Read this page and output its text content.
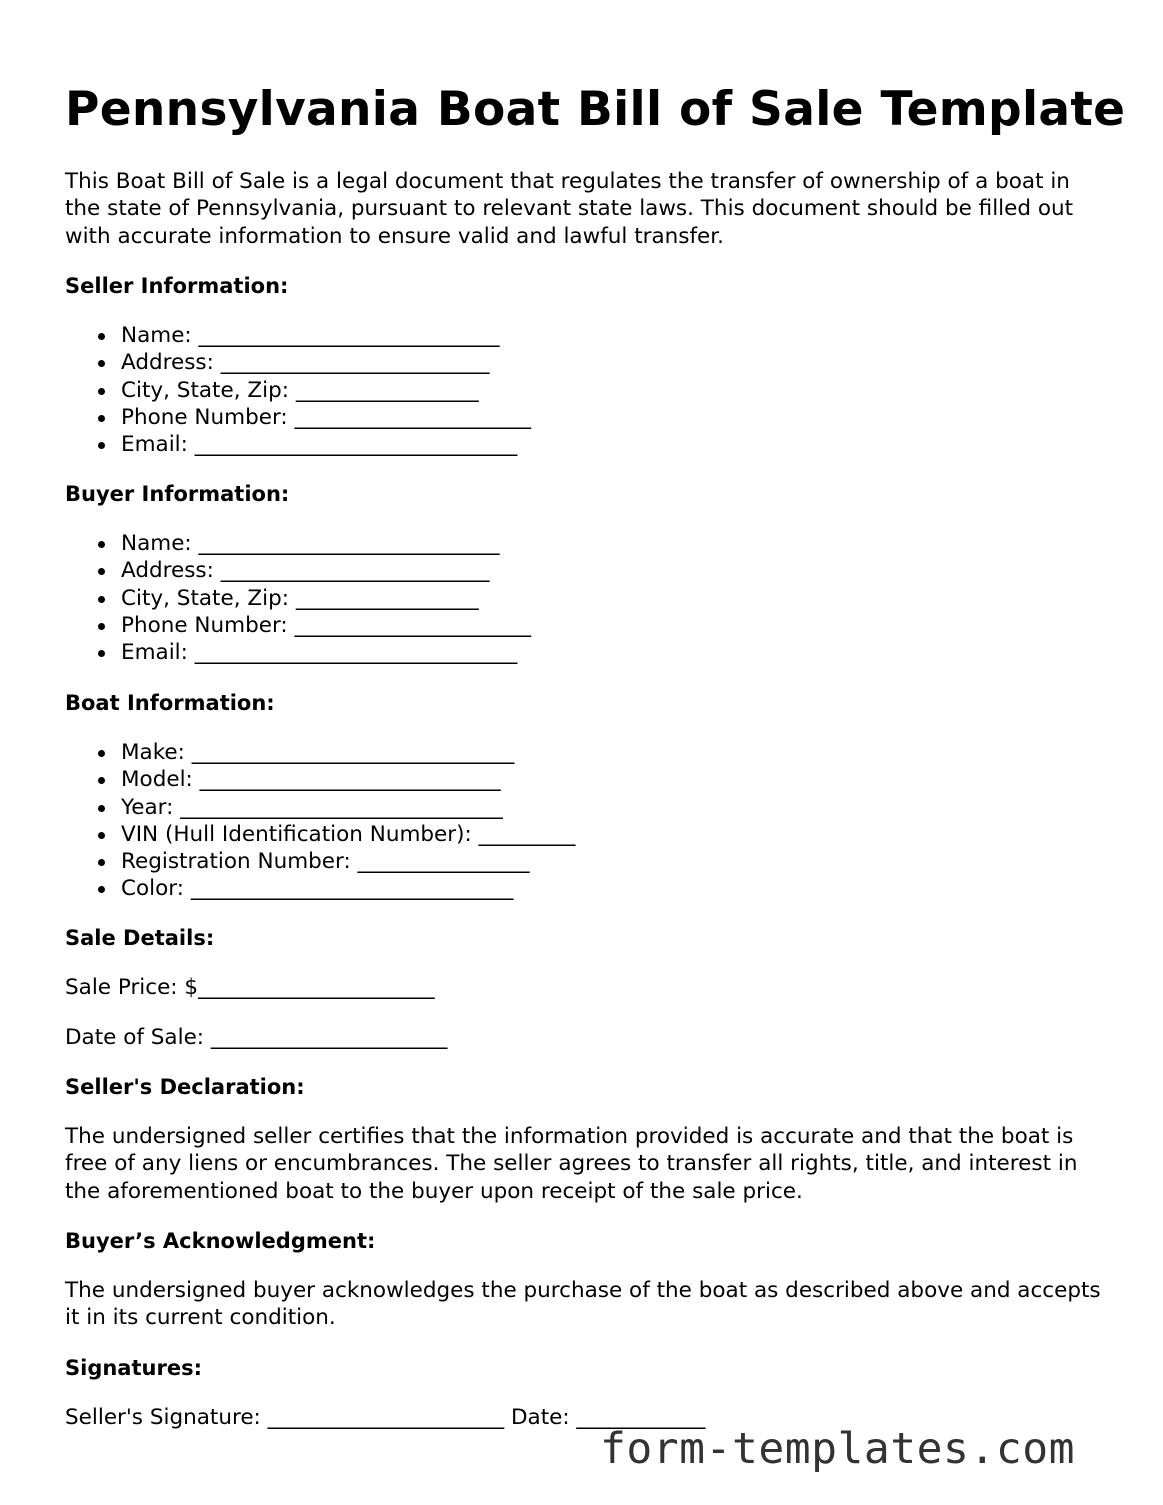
Pennsylvania Boat Bill of Sale Template

This Boat Bill of Sale is a legal document that regulates the transfer of ownership of a boat in the state of Pennsylvania, pursuant to relevant state laws. This document should be filled out with accurate information to ensure valid and lawful transfer.

Seller Information:

Name: ____________________________
Address: _________________________
City, State, Zip: _________________
Phone Number: ______________________
Email: ______________________________

Buyer Information:

Name: ____________________________
Address: _________________________
City, State, Zip: _________________
Phone Number: ______________________
Email: ______________________________

Boat Information:

Make: ______________________________
Model: ____________________________
Year: ______________________________
VIN (Hull Identification Number): _________
Registration Number: ________________
Color: ______________________________

Sale Details:

Sale Price: $______________________

Date of Sale: ______________________

Seller's Declaration:

The undersigned seller certifies that the information provided is accurate and that the boat is free of any liens or encumbrances. The seller agrees to transfer all rights, title, and interest in the aforementioned boat to the buyer upon receipt of the sale price.

Buyer’s Acknowledgment:

The undersigned buyer acknowledges the purchase of the boat as described above and accepts it in its current condition.

Signatures:

Seller's Signature: ______________________ Date: ____________

form-templates.com
